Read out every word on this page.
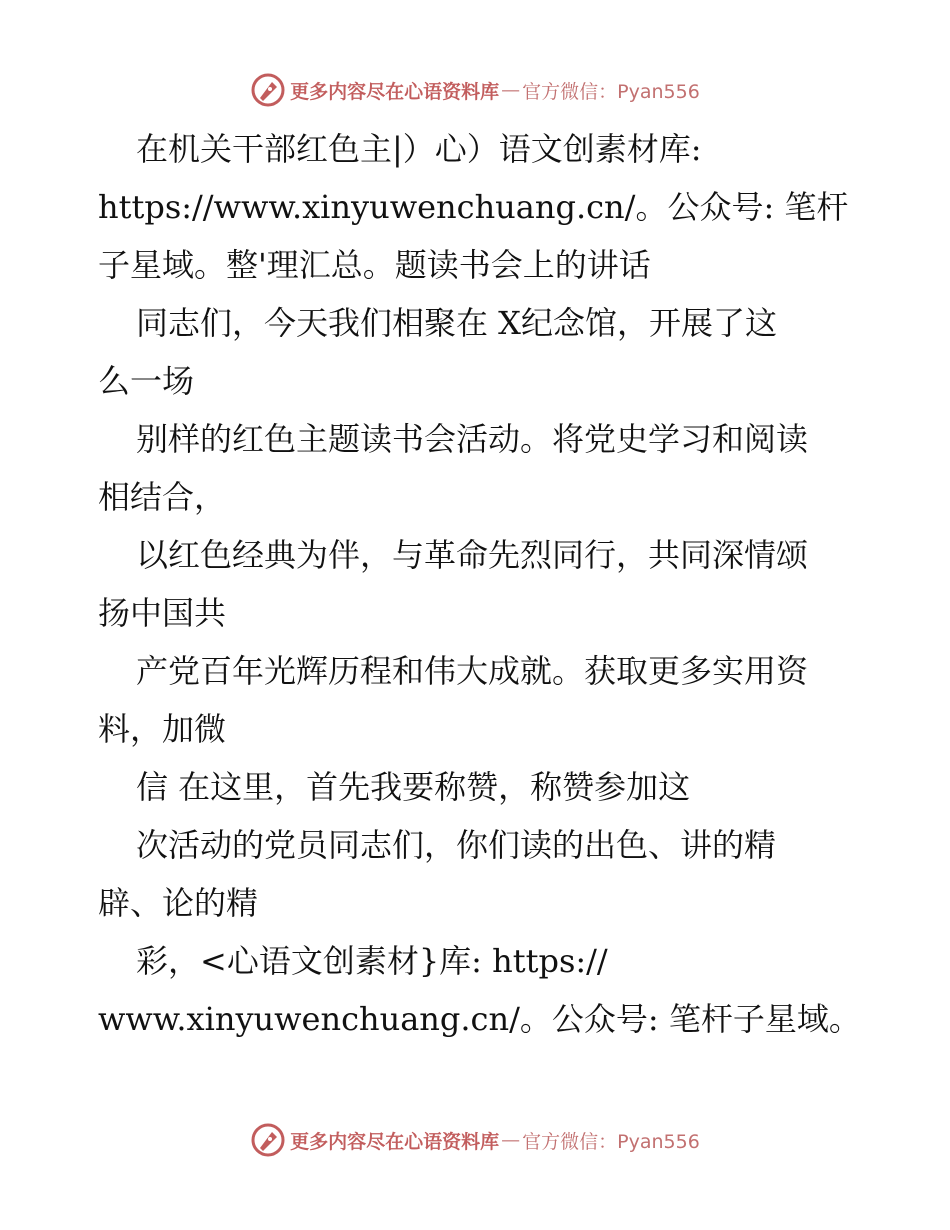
更多内容尽在心语资料库 — 官方微信：Pyan556

在机关干部红色主|）心）语文创素材库:

https://www.xinyuwenchuang.cn/。公众号: 笔杆

子星域。整'理汇总。题读书会上的讲话

同志们，今天我们相聚在 X纪念馆，开展了这

么一场

别样的红色主题读书会活动。将党史学习和阅读

相结合，

以红色经典为伴，与革命先烈同行，共同深情颂

扬中国共

产党百年光辉历程和伟大成就。获取更多实用资

料，加微

信 在这里，首先我要称赞，称赞参加这

次活动的党员同志们，你们读的出色、讲的精

辟、论的精

彩，<心语文创素材}库: https://

www.xinyuwenchuang.cn/。公众号: 笔杆子星域。

更多内容尽在心语资料库 — 官方微信：Pyan556
